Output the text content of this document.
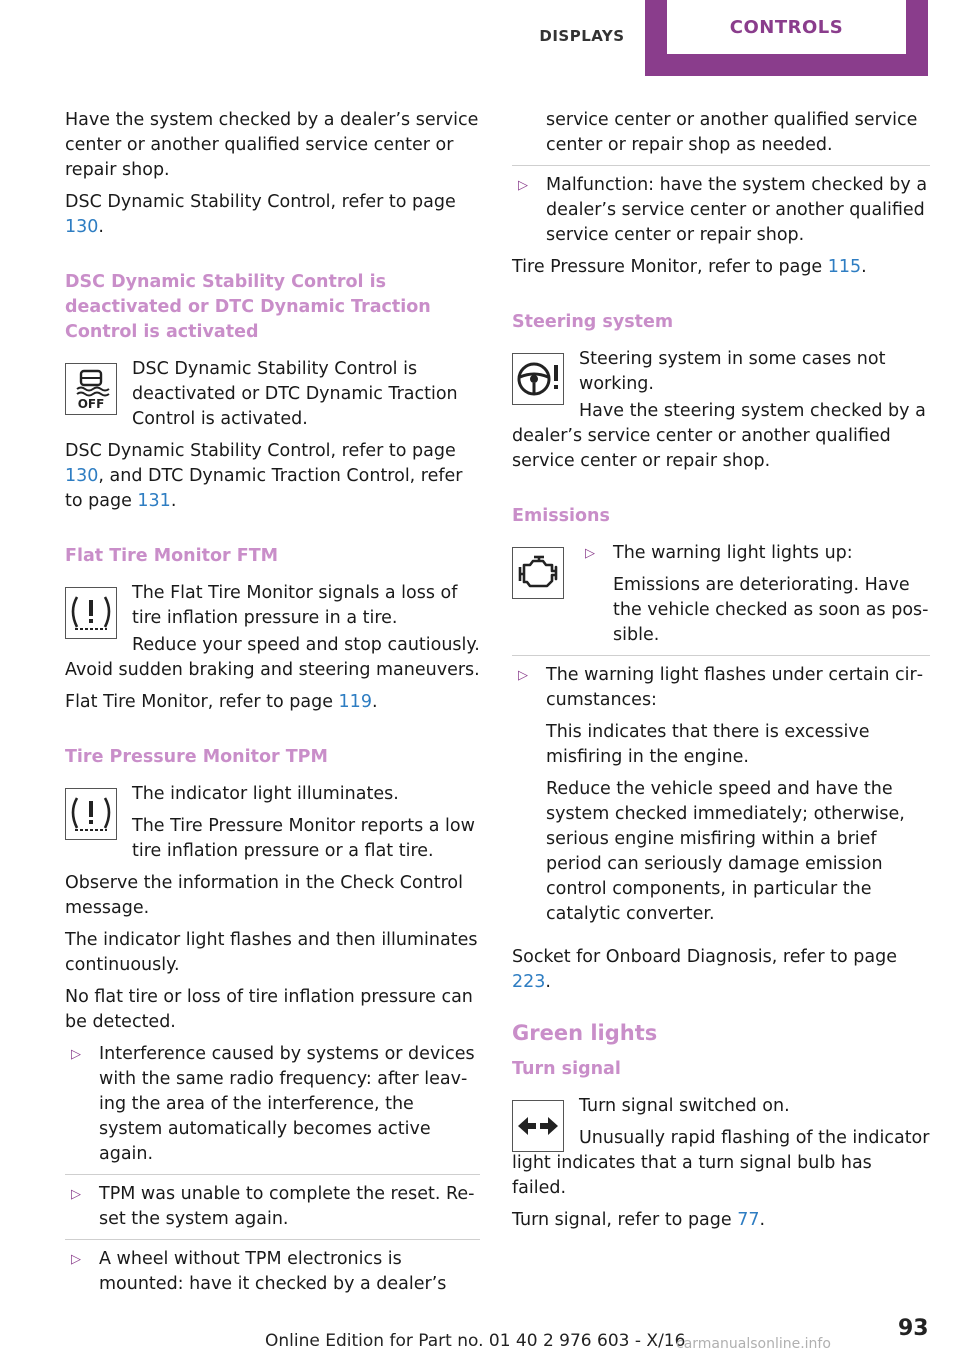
DISPLAYS	CONTROLS

Have the system checked by a dealer’s service center or another qualified service center or repair shop.

DSC Dynamic Stability Control, refer to page 130.

DSC Dynamic Stability Control is deactivated or DTC Dynamic Traction Control is activated
OFF

DSC Dynamic Stability Control is deactivated or DTC Dynamic Traction Control is activated.

DSC Dynamic Stability Control, refer to page 130, and DTC Dynamic Traction Control, refer to page 131.

Flat Tire Monitor FTM

The Flat Tire Monitor signals a loss of tire inflation pressure in a tire.

Reduce your speed and stop cautiously. Avoid sudden braking and steering maneuvers.

Flat Tire Monitor, refer to page 119.

Tire Pressure Monitor TPM

The indicator light illuminates.

The Tire Pressure Monitor reports a low tire inflation pressure or a flat tire.

Observe the information in the Check Control message.

The indicator light flashes and then illuminates continuously.

No flat tire or loss of tire inflation pressure can be detected.

▷ Interference caused by systems or devices with the same radio frequency: after leaving the area of the interference, the system automatically becomes active again.
▷ TPM was unable to complete the reset. Reset the system again.
▷ A wheel without TPM electronics is mounted: have it checked by a dealer’s

service center or another qualified service center or repair shop as needed.

▷ Malfunction: have the system checked by a dealer’s service center or another qualified service center or repair shop.

Tire Pressure Monitor, refer to page 115.

Steering system

Steering system in some cases not working.

Have the steering system checked by a dealer’s service center or another qualified service center or repair shop.

Emissions
▷ The warning light lights up:

Emissions are deteriorating. Have the vehicle checked as soon as possible.

▷ The warning light flashes under certain circumstances:

This indicates that there is excessive misfiring in the engine.

Reduce the vehicle speed and have the system checked immediately; otherwise, serious engine misfiring within a brief period can seriously damage emission control components, in particular the catalytic converter.

Socket for Onboard Diagnosis, refer to page 223.

Green lights
Turn signal

Turn signal switched on.

Unusually rapid flashing of the indicator light indicates that a turn signal bulb has failed.

Turn signal, refer to page 77.

Online Edition for Part no. 01 40 2 976 603 - X/16	93
carmanualsonline.info
